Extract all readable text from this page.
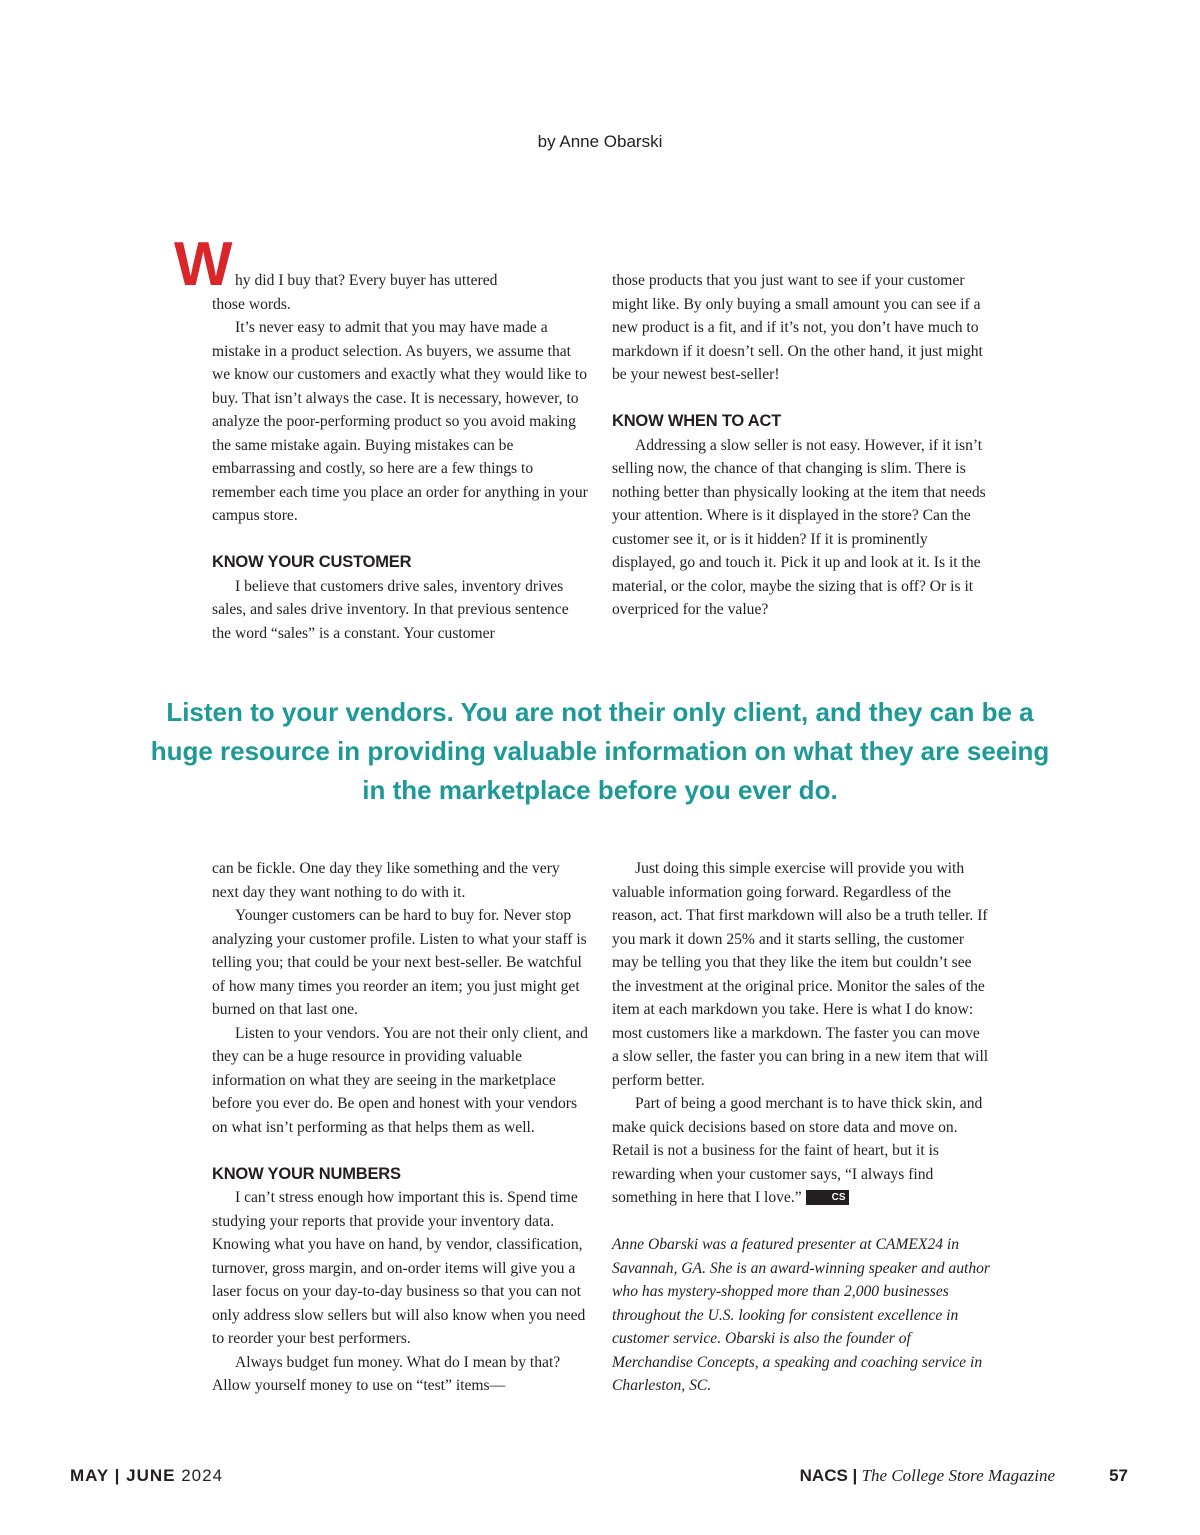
by Anne Obarski
W hy did I buy that? Every buyer has uttered

those words.

It’s never easy to admit that you may have made a mistake in a product selection. As buyers, we assume that we know our customers and exactly what they would like to buy. That isn’t always the case. It is necessary, however, to analyze the poor-performing product so you avoid making the same mistake again. Buying mistakes can be embarrassing and costly, so here are a few things to remember each time you place an order for anything in your campus store.

KNOW YOUR CUSTOMER

I believe that customers drive sales, inventory drives sales, and sales drive inventory. In that previous sentence the word “sales” is a constant. Your customer

those products that you just want to see if your customer might like. By only buying a small amount you can see if a new product is a fit, and if it’s not, you don’t have much to markdown if it doesn’t sell. On the other hand, it just might be your newest best-seller!

KNOW WHEN TO ACT

Addressing a slow seller is not easy. However, if it isn’t selling now, the chance of that changing is slim. There is nothing better than physically looking at the item that needs your attention. Where is it displayed in the store? Can the customer see it, or is it hidden? If it is prominently displayed, go and touch it. Pick it up and look at it. Is it the material, or the color, maybe the sizing that is off? Or is it overpriced for the value?

Listen to your vendors. You are not their only client, and they can be a huge resource in providing valuable information on what they are seeing in the marketplace before you ever do.

can be fickle. One day they like something and the very next day they want nothing to do with it.

Younger customers can be hard to buy for. Never stop analyzing your customer profile. Listen to what your staff is telling you; that could be your next best-seller. Be watchful of how many times you reorder an item; you just might get burned on that last one.

Listen to your vendors. You are not their only client, and they can be a huge resource in providing valuable information on what they are seeing in the marketplace before you ever do. Be open and honest with your vendors on what isn’t performing as that helps them as well.

KNOW YOUR NUMBERS

I can’t stress enough how important this is. Spend time studying your reports that provide your inventory data. Knowing what you have on hand, by vendor, classification, turnover, gross margin, and on-order items will give you a laser focus on your day-to-day business so that you can not only address slow sellers but will also know when you need to reorder your best performers.

Always budget fun money. What do I mean by that? Allow yourself money to use on “test” items—

Just doing this simple exercise will provide you with valuable information going forward. Regardless of the reason, act. That first markdown will also be a truth teller. If you mark it down 25% and it starts selling, the customer may be telling you that they like the item but couldn’t see the investment at the original price. Monitor the sales of the item at each markdown you take. Here is what I do know: most customers like a markdown. The faster you can move a slow seller, the faster you can bring in a new item that will perform better.

Part of being a good merchant is to have thick skin, and make quick decisions based on store data and move on. Retail is not a business for the faint of heart, but it is rewarding when your customer says, “I always find something in here that I love.”	CS

Anne Obarski was a featured presenter at CAMEX24 in Savannah, GA. She is an award-winning speaker and author who has mystery-shopped more than 2,000 businesses throughout the U.S. looking for consistent excellence in customer service. Obarski is also the founder of Merchandise Concepts, a speaking and coaching service in Charleston, SC.

MAY | JUNE 2024	NACS | The College Store Magazine	57
